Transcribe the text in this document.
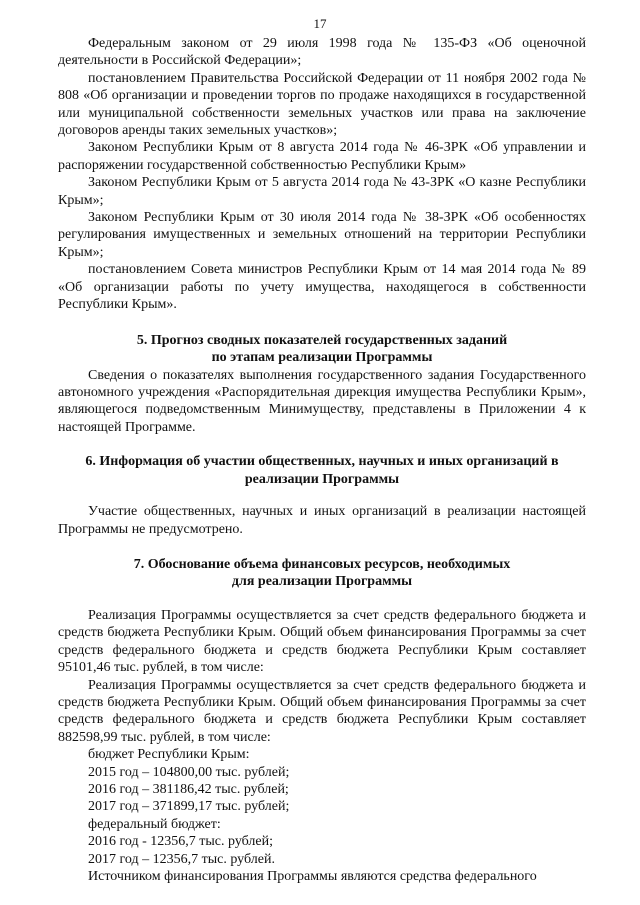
17

Федеральным законом от 29 июля 1998 года № 135-ФЗ «Об оценочной деятельности в Российской Федерации»;

постановлением Правительства Российской Федерации от 11 ноября 2002 года № 808 «Об организации и проведении торгов по продаже находящихся в государственной или муниципальной собственности земельных участков или права на заключение договоров аренды таких земельных участков»;

Законом Республики Крым от 8 августа 2014 года № 46-ЗРК «Об управлении и распоряжении государственной собственностью Республики Крым»

Законом Республики Крым от 5 августа 2014 года № 43-ЗРК «О казне Республики Крым»;

Законом Республики Крым от 30 июля 2014 года № 38-ЗРК «Об особенностях регулирования имущественных и земельных отношений на территории Республики Крым»;

постановлением Совета министров Республики Крым от 14 мая 2014 года № 89 «Об организации работы по учету имущества, находящегося в собственности Республики Крым».

5. Прогноз сводных показателей государственных заданий
по этапам реализации Программы

Сведения о показателях выполнения государственного задания Государственного автономного учреждения «Распорядительная дирекция имущества Республики Крым», являющегося подведомственным Минимуществу, представлены в Приложении 4 к настоящей Программе.

6. Информация об участии общественных, научных и иных организаций в
реализации Программы

Участие общественных, научных и иных организаций в реализации настоящей Программы не предусмотрено.

7. Обоснование объема финансовых ресурсов, необходимых
для реализации Программы

Реализация Программы осуществляется за счет средств федерального бюджета и средств бюджета Республики Крым. Общий объем финансирования Программы за счет средств федерального бюджета и средств бюджета Республики Крым составляет 95101,46 тыс. рублей, в том числе:

Реализация Программы осуществляется за счет средств федерального бюджета и средств бюджета Республики Крым. Общий объем финансирования Программы за счет средств федерального бюджета и средств бюджета Республики Крым составляет 882598,99 тыс. рублей, в том числе:

бюджет Республики Крым:

2015 год – 104800,00 тыс. рублей;

2016 год – 381186,42 тыс. рублей;

2017 год – 371899,17 тыс. рублей;

федеральный бюджет:

2016 год - 12356,7 тыс. рублей;

2017 год – 12356,7 тыс. рублей.

Источником финансирования Программы являются средства федерального
